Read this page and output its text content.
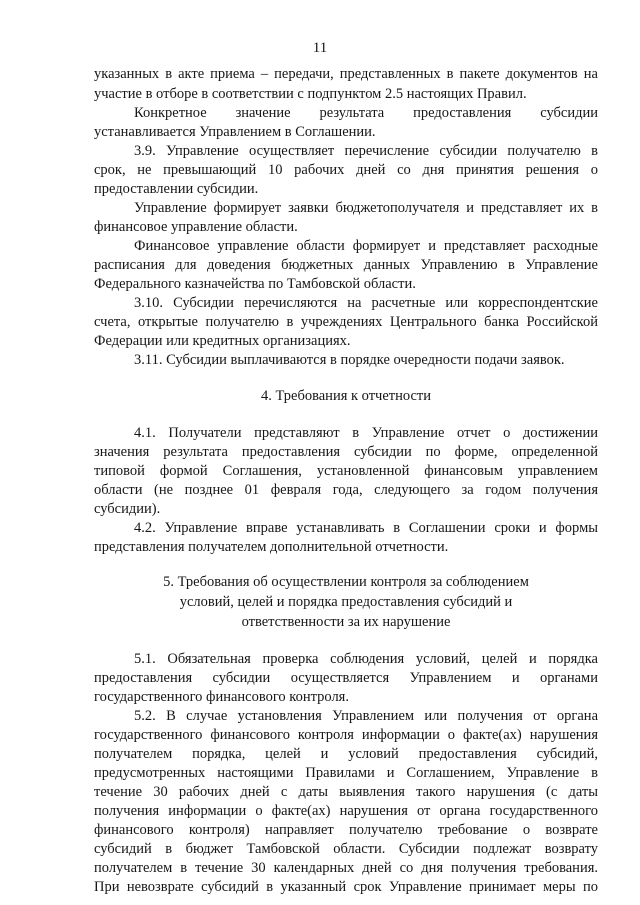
11
указанных в акте приема – передачи, представленных в пакете документов на
участие в отборе в соответствии с подпунктом 2.5 настоящих Правил.
Конкретное значение результата предоставления субсидии
устанавливается Управлением в Соглашении.
3.9. Управление осуществляет перечисление субсидии получателю в
срок, не превышающий 10 рабочих дней со дня принятия решения о
предоставлении субсидии.
Управление формирует заявки бюджетополучателя и представляет их в
финансовое управление области.
Финансовое управление области формирует и представляет расходные
расписания для доведения бюджетных данных Управлению в Управление
Федерального казначейства по Тамбовской области.
3.10. Субсидии перечисляются на расчетные или корреспондентские
счета, открытые получателю в учреждениях Центрального банка Российской
Федерации или кредитных организациях.
3.11. Субсидии выплачиваются в порядке очередности подачи заявок.
4. Требования к отчетности
4.1. Получатели представляют в Управление отчет о достижении
значения результата предоставления субсидии по форме, определенной
типовой формой Соглашения, установленной финансовым управлением
области (не позднее 01 февраля года, следующего за годом получения
субсидии).
4.2. Управление вправе устанавливать в Соглашении сроки и формы
представления получателем дополнительной отчетности.
5. Требования об осуществлении контроля за соблюдением
условий, целей и порядка предоставления субсидий и
ответственности за их нарушение
5.1. Обязательная проверка соблюдения условий, целей и порядка
предоставления субсидии осуществляется Управлением и органами
государственного финансового контроля.
5.2. В случае установления Управлением или получения от органа
государственного финансового контроля информации о факте(ах) нарушения
получателем порядка, целей и условий предоставления субсидий,
предусмотренных настоящими Правилами и Соглашением, Управление в
течение 30 рабочих дней с даты выявления такого нарушения (с даты
получения информации о факте(ах) нарушения от органа государственного
финансового контроля) направляет получателю требование о возврате
субсидий в бюджет Тамбовской области. Субсидии подлежат возврату
получателем в течение 30 календарных дней со дня получения требования.
При невозврате субсидий в указанный срок Управление принимает меры по
